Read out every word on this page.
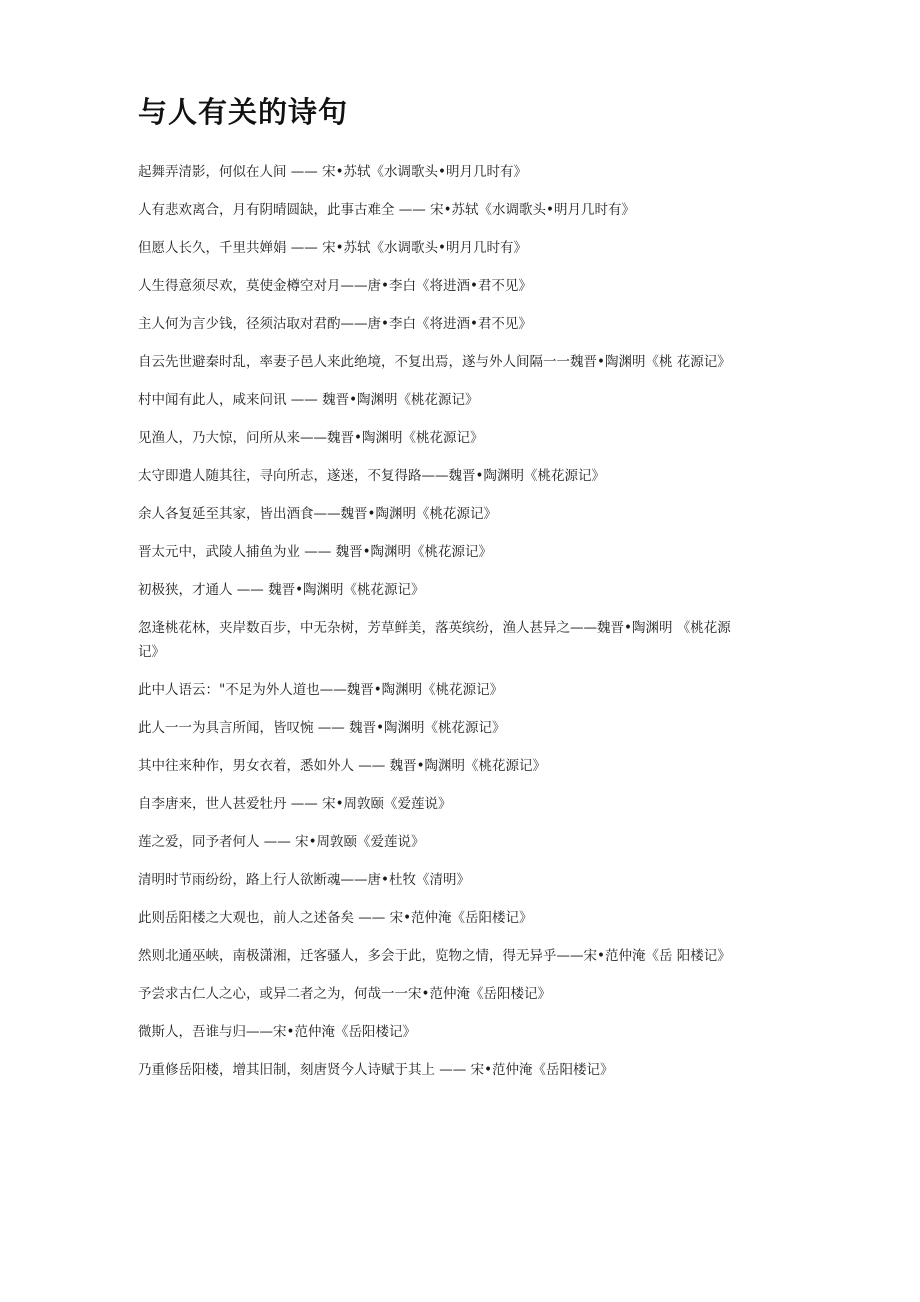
与人有关的诗句

起舞弄清影，何似在人间 —— 宋•苏轼《水调歌头•明月几时有》

人有悲欢离合，月有阴晴圆缺，此事古难全 —— 宋•苏轼《水调歌头•明月几时有》

但愿人长久，千里共婵娟 —— 宋•苏轼《水调歌头•明月几时有》

人生得意须尽欢，莫使金樽空对月——唐•李白《将进酒•君不见》

主人何为言少钱，径须沽取对君酌——唐•李白《将进酒•君不见》

自云先世避秦时乱，率妻子邑人来此绝境，不复出焉，遂与外人间隔一一魏晋•陶渊明《桃 花源记》

村中闻有此人，咸来问讯 —— 魏晋•陶渊明《桃花源记》

见渔人，乃大惊，问所从来——魏晋•陶渊明《桃花源记》

太守即遣人随其往，寻向所志，遂迷，不复得路——魏晋•陶渊明《桃花源记》

余人各复延至其家，皆出酒食——魏晋•陶渊明《桃花源记》

晋太元中，武陵人捕鱼为业 —— 魏晋•陶渊明《桃花源记》

初极狭，才通人 —— 魏晋•陶渊明《桃花源记》

忽逢桃花林，夹岸数百步，中无杂树，芳草鲜美，落英缤纷，渔人甚异之——魏晋•陶渊明 《桃花源记》

此中人语云："不足为外人道也——魏晋•陶渊明《桃花源记》

此人一一为具言所闻，皆叹惋 —— 魏晋•陶渊明《桃花源记》

其中往来种作，男女衣着，悉如外人 —— 魏晋•陶渊明《桃花源记》

自李唐来，世人甚爱牡丹 —— 宋•周敦颐《爱莲说》

莲之爱，同予者何人 —— 宋•周敦颐《爱莲说》

清明时节雨纷纷，路上行人欲断魂——唐•杜牧《清明》

此则岳阳楼之大观也，前人之述备矣 —— 宋•范仲淹《岳阳楼记》

然则北通巫峡，南极潇湘，迁客骚人，多会于此，览物之情，得无异乎——宋•范仲淹《岳 阳楼记》

予尝求古仁人之心，或异二者之为，何哉一一宋•范仲淹《岳阳楼记》

微斯人，吾谁与归——宋•范仲淹《岳阳楼记》

乃重修岳阳楼，增其旧制，刻唐贤今人诗赋于其上 —— 宋•范仲淹《岳阳楼记》
